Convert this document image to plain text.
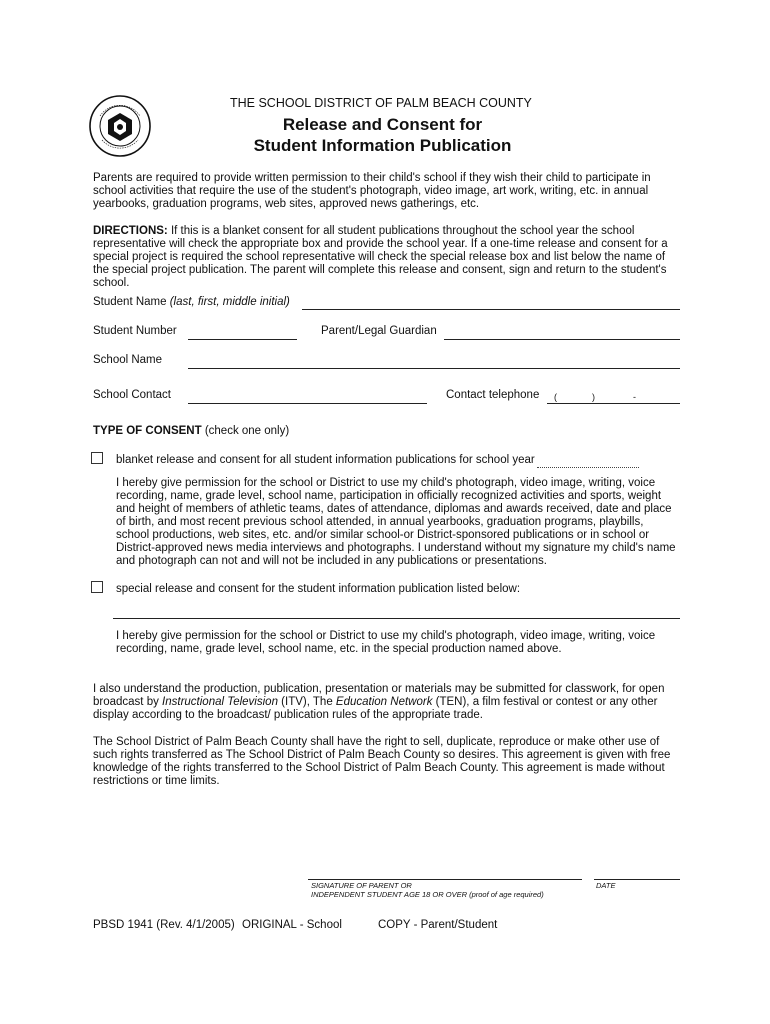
THE SCHOOL DISTRICT OF PALM BEACH COUNTY
Release and Consent for
Student Information Publication
Parents are required to provide written permission to their child's school if they wish their child to participate in school activities that require the use of the student's photograph, video image, art work, writing, etc. in annual yearbooks, graduation programs, web sites, approved news gatherings, etc.
DIRECTIONS: If this is a blanket consent for all student publications throughout the school year the school representative will check the appropriate box and provide the school year. If a one-time release and consent for a special project is required the school representative will check the special release box and list below the name of the special project publication. The parent will complete this release and consent, sign and return to the student's school.
Student Name (last, first, middle initial)
Student Number	Parent/Legal Guardian
School Name
School Contact	Contact telephone (	)	-
TYPE OF CONSENT (check one only)
blanket release and consent for all student information publications for school year
I hereby give permission for the school or District to use my child's photograph, video image, writing, voice recording, name, grade level, school name, participation in officially recognized activities and sports, weight and height of members of athletic teams, dates of attendance, diplomas and awards received, date and place of birth, and most recent previous school attended, in annual yearbooks, graduation programs, playbills, school productions, web sites, etc. and/or similar school-or District-sponsored publications or in school or District-approved news media interviews and photographs. I understand without my signature my child's name and photograph can not and will not be included in any publications or presentations.
special release and consent for the student information publication listed below:
I hereby give permission for the school or District to use my child's photograph, video image, writing, voice recording, name, grade level, school name, etc. in the special production named above.
I also understand the production, publication, presentation or materials may be submitted for classwork, for open broadcast by Instructional Television (ITV), The Education Network (TEN), a film festival or contest or any other display according to the broadcast/ publication rules of the appropriate trade.
The School District of Palm Beach County shall have the right to sell, duplicate, reproduce or make other use of such rights transferred as The School District of Palm Beach County so desires. This agreement is given with free knowledge of the rights transferred to the School District of Palm Beach County. This agreement is made without restrictions or time limits.
SIGNATURE OF PARENT OR
INDEPENDENT STUDENT AGE 18 OR OVER (proof of age required)
DATE
PBSD 1941 (Rev. 4/1/2005) ORIGINAL - School	COPY - Parent/Student
